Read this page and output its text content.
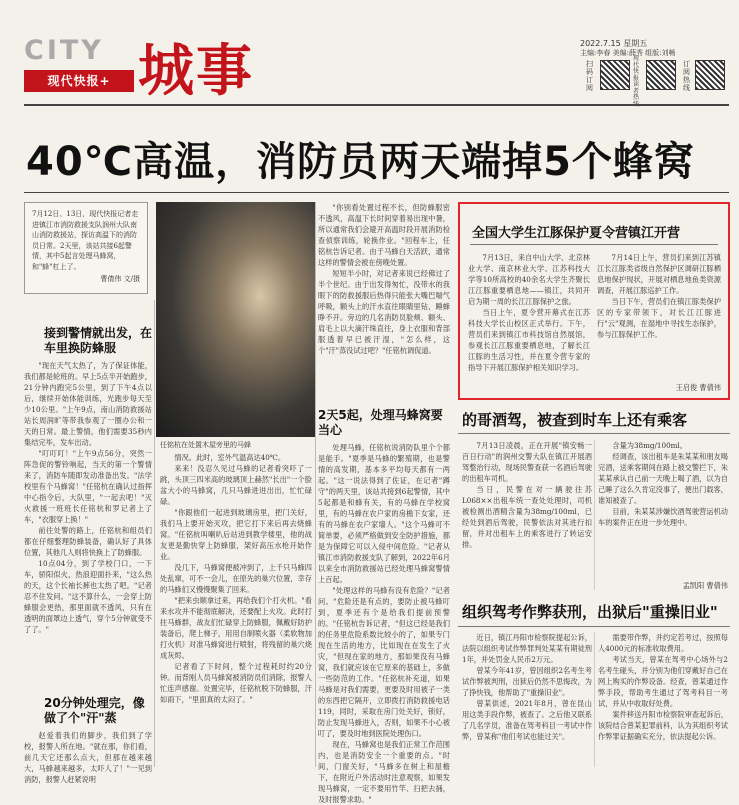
CITY
现代快报+ 城事	2022.7.15 星期五
主编:李春 美编:薛秀 组版:刘畅
扫码订阅
现代快报读者热
订阅热线
40℃高温，消防员两天端掉5个蜂窝
7月12日、13日，现代快报记者走进镇江市消防救援支队润州大队南山消防救援站，探访高温下的消防员日常。2天里，该站共接6起警情，其中5起言处理马蜂窝，和"蜂"杠上了。
曹倩伟 文/摄
任铭杭在处置木屋旁里的马蜂
接到警情就出发，在车里换防蜂服

"现在天气太热了，为了保证体能，我们都是轮班的。早上5点半开始跑步，21分钟内跑完5公里，到了下午4点以后，继续开始体能训练，光跑步每天至少10公里。"上午9点，南山消防救援站站长周润旷等带我参观了一圈办公和一天的日常。最上警情，他们需要35秒内集结完毕，发车出动。

"叮叮叮！"上午9点56分，突然一阵急促的警铃响起，当天的第一个警情来了，消防车随即发动准备出发。"法学校里有个马蜂窝！"任铭杭在确认过指挥中心指令后，大队里，"一起去吧！"灭火救援一班班长任铭杭和罗记者上了车，"衣服穿上换！"

前往处警的路上，任铭杭和组员们都在仔细整理防蜂装备，确认好了具体位置，其他几人则将快换上了防蜂服。

10点04分，到了学校门口，一下车，骄阳似火，热浪迎面扑来，"这么热的天，这个长袖长裤也太热了吧。"记者忍不住发问。"这不算什么，一会穿上防蜂服会更热，那里面就不透风，只有在透明的面罩边上透气，穿个5分钟就受不了了。"

20分钟处理完，像做了个"汗"蒸

赵爱着我们的脚步，我们到了学校，报警人所在地。"就在那，你们看，前几天它还那么点大，但那在越来越大，马蜂越来越多，太吓人了！"一见到消防，报警人赶紧说明

情况。此时，室外气温高达40℃。

来来！没忍久见过马蜂的记者看突吓了一跳，头顶三四米高的玻璃顶上赫然"长出"一个脸盆大小的马蜂窝，几只马蜂进进出出，忙忙碌碌。

"你跟他们一起进到玻璃房里，把门关好，我们马上要开始灭攻，把它打下来后再去烧蜂窝。"任铭杭叫喇叭后站进到教学楼里，他的战友更是勤快穿上防蜂服，架好高压水枪开始作业。

没几下，马蜂窝便被冲到了，上千只马蜂四处乱窜，可不一会儿，在原先的巢穴位置，幸存的马蜂们又慢慢聚集了回来。

"把来虫顺拿过来，再给我们个打火机。"看来水攻并不能彻底解决，还要配上火攻。此时打拄马蜂群，战友们忙碌穿上防蜂服，佩戴好防护装备后，爬上梯子，用用自制喷火器（柔软物加打火机）对准马蜂窝进行喷射，将残留的巢穴烧成灰烬。

记者看了下时间，整个过程耗时约20分钟。而背刚人员马蜂窝被消防员们消除，报警人忙连声感谢。处置完毕，任铭杭脱下防蜂服，汗如雨下，"里面真的太闷了。"

"你别看处置过程不长，但防蜂服密不透风，高温下长时间穿着易出现中暑，所以通常我们会避开高温时段开展消防检查侦察训练，轮换作业。"回程车上，任铭杭告诉记者。由于马蜂白天活跃，通常这样的警情会被在傍晚处置。

短短半小时，对记者来说已经佛过了半个世纪。由于出发得匆忙，没带水的我眼下的防救援服后热得只能张大嘴巴喘气呼吸，额头上的汗水直往眼睛里钻，睡蜂睁不开。旁边的几名消防员脸颊、额头、肩毛上以大滴汗珠直往，身上衣服和背部服透着早已被汗湿，"怎么样，这个"汗"蒸没试过吧？"任铭杭调侃道。

2天5起，处理马蜂窝要当心

处理马蜂，任铭杭说消防队里个个都是能手。"夏季是马蜂的繁殖期，也是警情的高发期，基本多平均每天都有一两起。"这一说法得到了佐证，在记者"蹲守"的两天里，该站共接到6起警情，其中5起都是和蜂有关，有的马蜂在学校窝里，有的马蜂在农户家的房檐下女家，还有的马蜂在农户家墙人。"这个马蜂可不简单要，必须严格做到安全防护措施，都是为保障它可以入侵中间危险。"记者从镇江市消防救援支队了解到，2022年6月以来全市消防救援站已经处理马蜂窝警情上百起。

"处理这样的马蜂有没有危险？"记者问。"危险还是有点的，要防止被马蜂叮到，夏季还有个是给我们提前预警的。"任铭杭告诉记者，"但这已经是我们的任务里危险系数比较小的了，如果专门现在生活的地方，比如现在在发生了火灾，"但现在家的地方，那如果没有马蜂窝，我们就应该在它原来的基础上，多做一些防范的工作。"任铭杭补充道，如果马蜂是对我们需要，更要及时用被子一类的东西把它隔开，立即拨打消防救援电话119，同时，采取在房门处关好，锁好，防止发现马蜂进入，否则，如果不小心被叮了，要及时地到医院处理伤口。

现在，马蜂窝也是我们正常工作范围内，也是消防安全一个重要的点。"时间，门窗关好，"马蜂多在树上和屋檐下，在附近户外活动时注意观察，如果发现马蜂窝，一定不要用竹竿、扫把去捅，及时报警求助。"

全国大学生江豚保护夏令营镇江开营

7月13日，来自中山大学、北京林业大学、南京林业大学、江苏科技大学等10所高校的40余名大学生齐聚长江江豚重要栖息地——镇江，共同开启为期一周的长江江豚保护之旅。

当日上午，夏令营开幕式在江苏科技大学长山校区正式举行。下午，营员们来到镇江市科技馆自然展馆，参观长江江豚重要栖息地，了解长江江豚的生活习性，并在夏令营专家的指导下开展江豚保护相关知识学习。

7月14日上午，营员们来到江苏镇江长江豚类省级自然保护区调研江豚栖息地保护现状，开展对栖息地鱼类资源调查，开展江豚巡护工作。

当日下午，营员们在镇江豚类保护区的专家带领下，对长江江豚进行"云"观测，在湿地中寻找生态保护，参与江豚保护工作。

王启俊 曹倩伟
的哥酒驾，被查到时车上还有乘客

7月13日凌晨，正在开展"镇安畅一百日行动"的润州交警大队在镇江开展酒驾整治行动，现场民警查获一名酒后驾驶的出租车司机。

当日，民警在对一辆驶往苏L068××出租车统一查处处理时，司机被检测出酒精含量为38mg/100ml，已经处到酒后驾驶，民警依法对其进行扣留，并对出租车上的乘客进行了转运安排。

含量为38mg/100ml。

经调查，该出租车是朱某某和朋友喝完酒，送乘客期间在路上被交警拦下，朱某某承认自己前一天晚上喝了酒，以为自己睡了这么久肯定没事了，便出门载客，谁知被查了。

目前，朱某某涉嫌饮酒驾驶营运机动车的案件正在进一步处理中。

孟凯阳 曹倩伟
组织驾考作弊获刑，出狱后"重操旧业"

近日，镇江丹阳市检察院提起公诉，法院以组织考试作弊罪判处某某有期徒刑1年，并处罚金人民币2万元。

曾某今年41岁，曾因组织2名考生考试作弊被判刑，出狱后仍然不思悔改，为了挣快钱，他帮助了"重操旧业"。

曾某供述，2021年8月，曾在昆山用这类手段作弊，被查了。之后他又联系了几名学员，准备在驾考科目一考试中作弊，曾某称"他们考试也能过关"。

需要带作弊，并约定若考过，按照每人4000元的标准收取费用。

考试当天，曾某在驾考中心场外与2名考生碰头，并分别为他们穿戴好自己在网上购买的作弊设备。经查，曾某通过作弊手段，帮助考生通过了驾考科目一考试，并从中收取好处费。

案件移送丹阳市检察院审查起诉后，该院结合曾某犯罪前科，认为其组织考试作弊罪证据确实充分，依法提起公诉。
